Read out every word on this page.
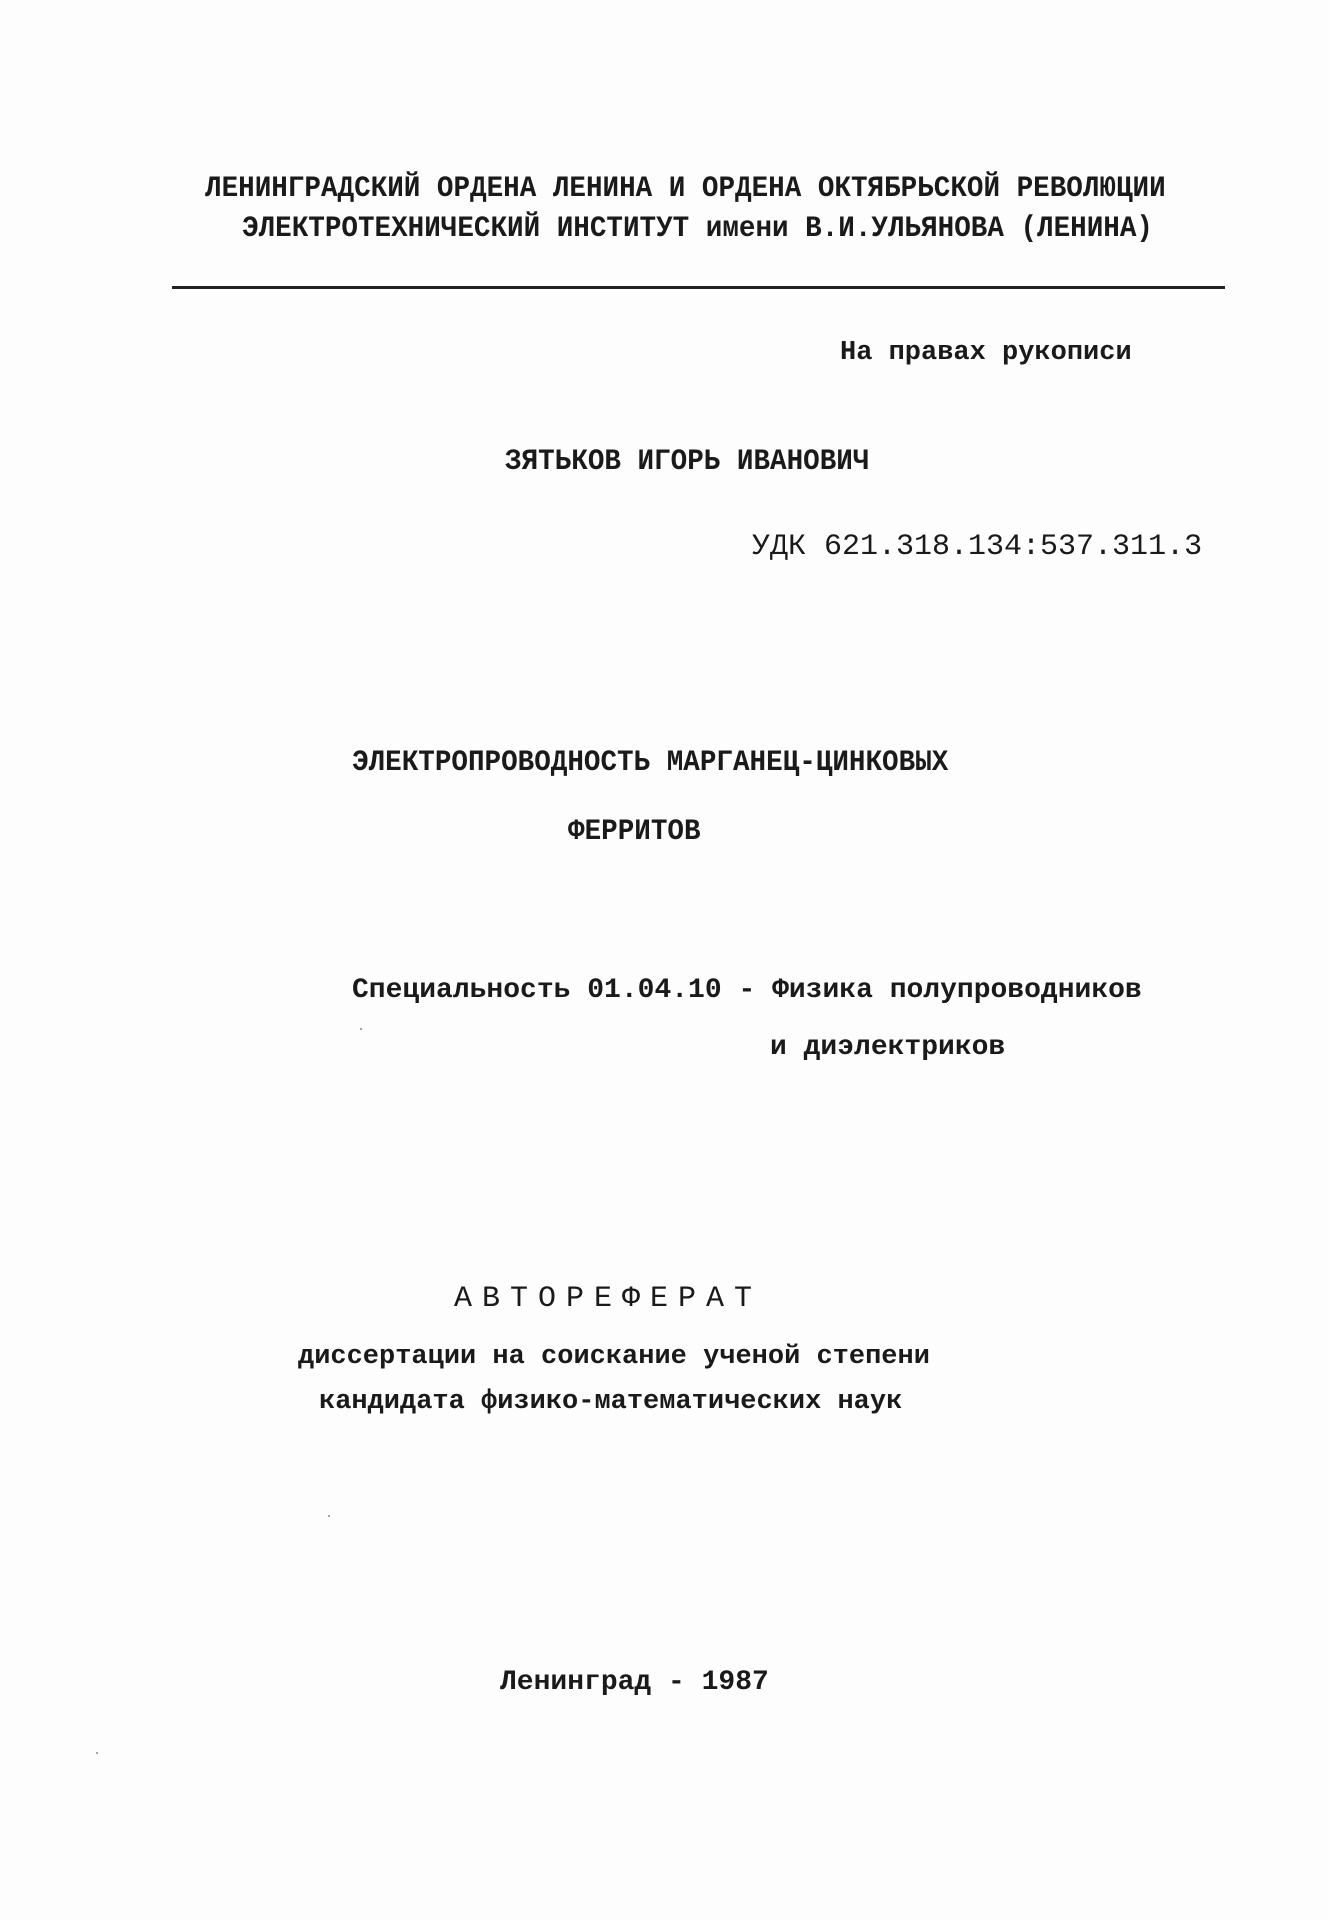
ЛЕНИНГРАДСКИЙ ОРДЕНА ЛЕНИНА И ОРДЕНА ОКТЯБРЬСКОЙ РЕВОЛЮЦИИ
ЭЛЕКТРОТЕХНИЧЕСКИЙ ИНСТИТУТ имени В.И.УЛЬЯНОВА (ЛЕНИНА)
На правах рукописи
ЗЯТЬКОВ ИГОРЬ ИВАНОВИЧ
УДК 621.318.134:537.311.3
ЭЛЕКТРОПРОВОДНОСТЬ МАРГАНЕЦ-ЦИНКОВЫХ
ФЕРРИТОВ
Специальность 01.04.10 - Физика полупроводников
и диэлектриков
АВТОРЕФЕРАТ
диссертации на соискание ученой степени
кандидата физико-математических наук
Ленинград - 1987
